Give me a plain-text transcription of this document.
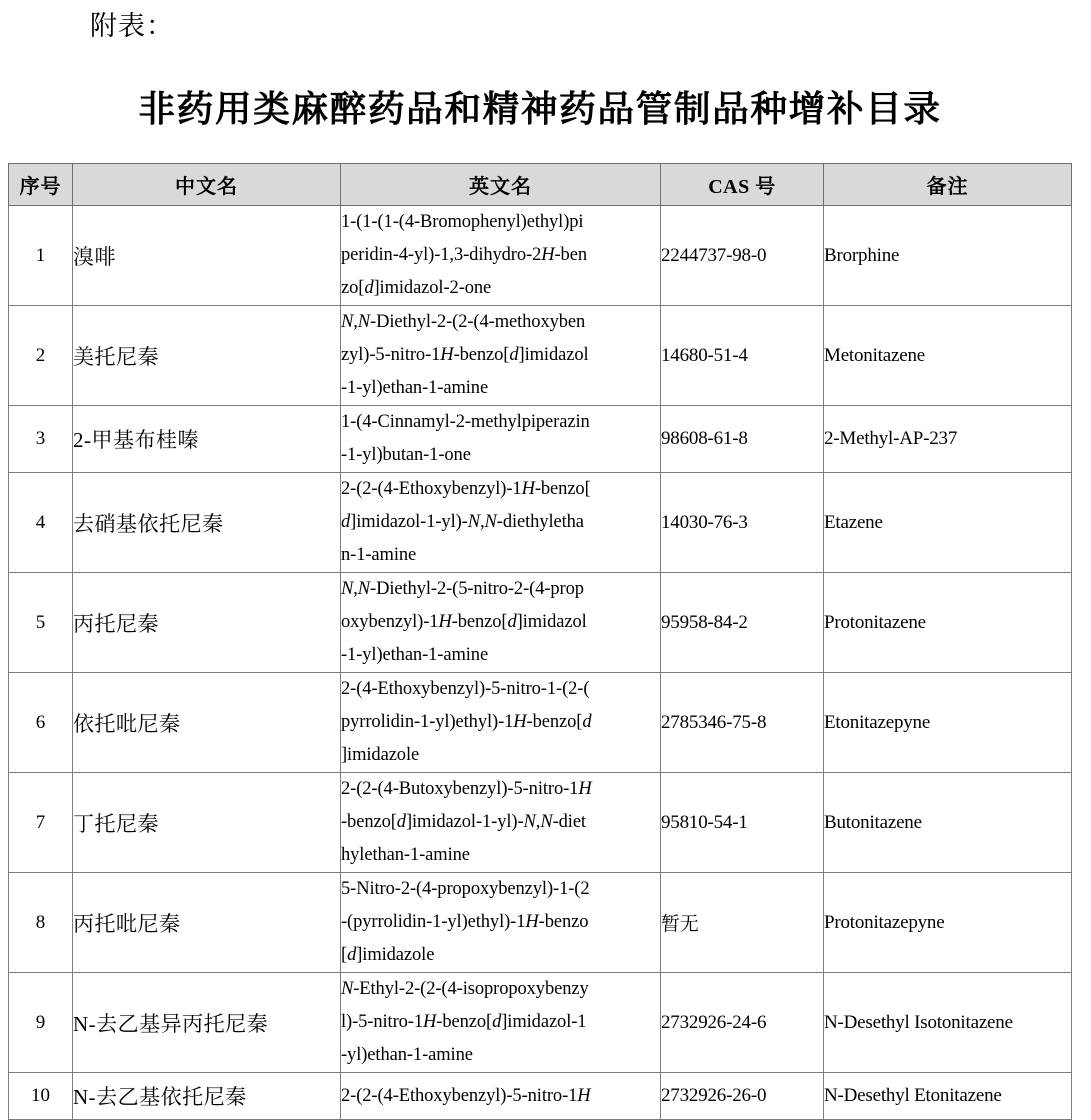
附表：
非药用类麻醉药品和精神药品管制品种增补目录
序号	中文名	英文名	CAS 号	备注
1	溴啡	1-(1-(1-(4-Bromophenyl)ethyl)pi
peridin-4-yl)-1,3-dihydro-2H-ben
zo[d]imidazol-2-one	2244737-98-0	Brorphine
2	美托尼秦	N,N-Diethyl-2-(2-(4-methoxyben
zyl)-5-nitro-1H-benzo[d]imidazol
-1-yl)ethan-1-amine	14680-51-4	Metonitazene
3	2-甲基布桂嗪	1-(4-Cinnamyl-2-methylpiperazin
-1-yl)butan-1-one	98608-61-8	2-Methyl-AP-237
4	去硝基依托尼秦	2-(2-(4-Ethoxybenzyl)-1H-benzo[
d]imidazol-1-yl)-N,N-diethyletha
n-1-amine	14030-76-3	Etazene
5	丙托尼秦	N,N-Diethyl-2-(5-nitro-2-(4-prop
oxybenzyl)-1H-benzo[d]imidazol
-1-yl)ethan-1-amine	95958-84-2	Protonitazene
6	依托吡尼秦	2-(4-Ethoxybenzyl)-5-nitro-1-(2-(
pyrrolidin-1-yl)ethyl)-1H-benzo[d
]imidazole	2785346-75-8	Etonitazepyne
7	丁托尼秦	2-(2-(4-Butoxybenzyl)-5-nitro-1H
-benzo[d]imidazol-1-yl)-N,N-diet
hylethan-1-amine	95810-54-1	Butonitazene
8	丙托吡尼秦	5-Nitro-2-(4-propoxybenzyl)-1-(2
-(pyrrolidin-1-yl)ethyl)-1H-benzo
[d]imidazole	暂无	Protonitazepyne
9	N-去乙基异丙托尼秦	N-Ethyl-2-(2-(4-isopropoxybenzy
l)-5-nitro-1H-benzo[d]imidazol-1
-yl)ethan-1-amine	2732926-24-6	N-Desethyl Isotonitazene
10	N-去乙基依托尼秦	2-(2-(4-Ethoxybenzyl)-5-nitro-1H	2732926-26-0	N-Desethyl Etonitazene
